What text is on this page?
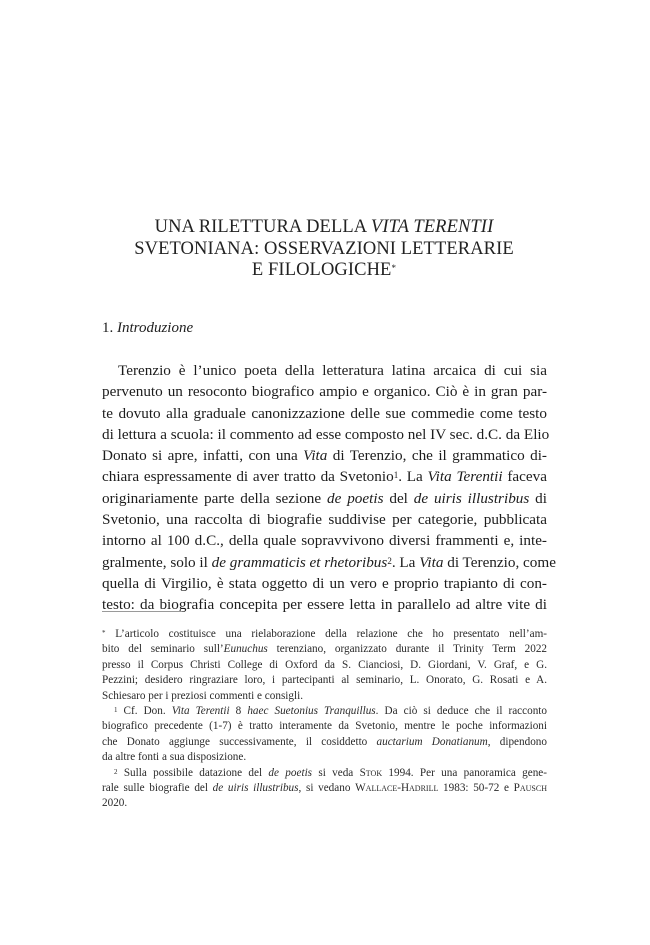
UNA RILETTURA DELLA VITA TERENTII
SVETONIANA: OSSERVAZIONI LETTERARIE
E FILOLOGICHE*
1. Introduzione
Terenzio è l’unico poeta della letteratura latina arcaica di cui sia
pervenuto un resoconto biografico ampio e organico. Ciò è in gran par-
te dovuto alla graduale canonizzazione delle sue commedie come testo
di lettura a scuola: il commento ad esse composto nel IV sec. d.C. da Elio
Donato si apre, infatti, con una Vita di Terenzio, che il grammatico di-
chiara espressamente di aver tratto da Svetonio$^1$. La Vita Terentii faceva
originariamente parte della sezione de poetis del de uiris illustribus di
Svetonio, una raccolta di biografie suddivise per categorie, pubblicata
intorno al 100 d.C., della quale sopravvivono diversi frammenti e, inte-
gralmente, solo il de grammaticis et rhetoribus$^2$. La Vita di Terenzio, come
quella di Virgilio, è stata oggetto di un vero e proprio trapianto di con-
testo: da biografia concepita per essere letta in parallelo ad altre vite di
* L’articolo costituisce una rielaborazione della relazione che ho presentato nell’am-
bito del seminario sull’Eunuchus terenziano, organizzato durante il Trinity Term 2022
presso il Corpus Christi College di Oxford da S. Cianciosi, D. Giordani, V. Graf, e G.
Pezzini; desidero ringraziare loro, i partecipanti al seminario, L. Onorato, G. Rosati e A.
Schiesaro per i preziosi commenti e consigli.
$^1$ Cf. Don. Vita Terentii 8 haec Suetonius Tranquillus. Da ciò si deduce che il racconto
biografico precedente (1-7) è tratto interamente da Svetonio, mentre le poche informazioni
che Donato aggiunge successivamente, il cosiddetto auctarium Donatianum, dipendono
da altre fonti a sua disposizione.
$^2$ Sulla possibile datazione del de poetis si veda Stok 1994. Per una panoramica gene-
rale sulle biografie del de uiris illustribus, si vedano Wallace-Hadrill 1983: 50-72 e Pausch
2020.
